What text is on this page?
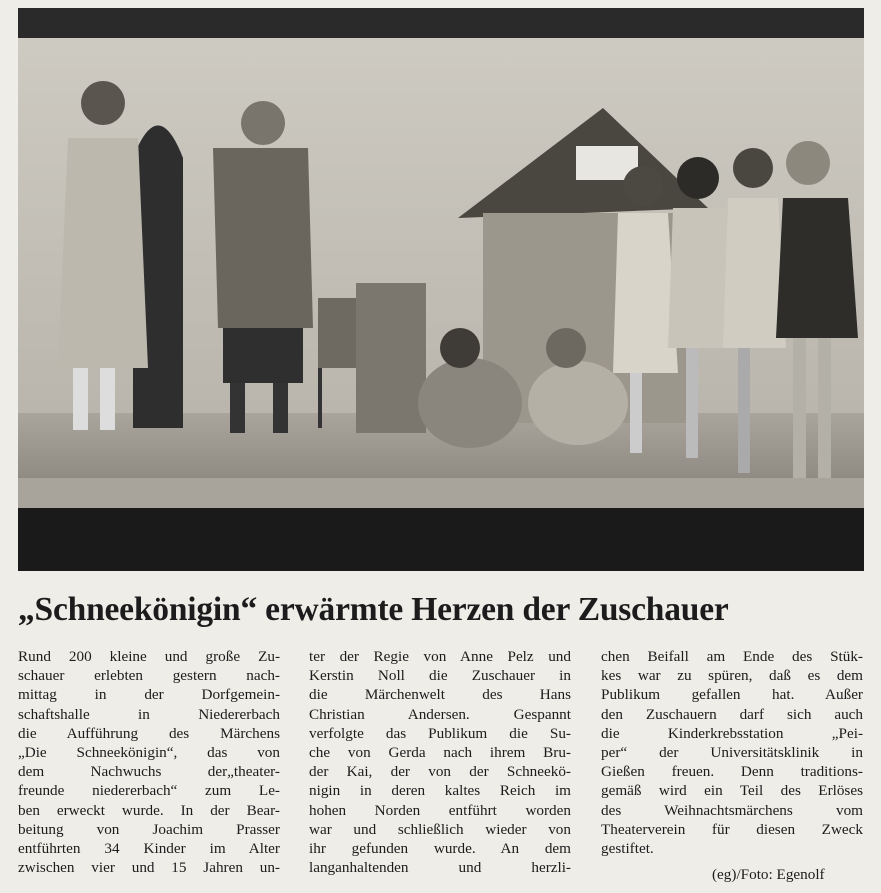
„Schneekönigin“ erwärmte Herzen der Zuschauer
Rund 200 kleine und große Zu-
schauer erlebten gestern nach-
mittag in der Dorfgemein-
schaftshalle in Niedererbach
die Aufführung des Märchens
„Die Schneekönigin“, das von
dem Nachwuchs der„theater-
freunde niedererbach“ zum Le-
ben erweckt wurde. In der Bear-
beitung von Joachim Prasser
entführten 34 Kinder im Alter
zwischen vier und 15 Jahren un-
ter der Regie von Anne Pelz und
Kerstin Noll die Zuschauer in
die Märchenwelt des Hans
Christian Andersen. Gespannt
verfolgte das Publikum die Su-
che von Gerda nach ihrem Bru-
der Kai, der von der Schneekö-
nigin in deren kaltes Reich im
hohen Norden entführt worden
war und schließlich wieder von
ihr gefunden wurde. An dem
langanhaltenden und herzli-
chen Beifall am Ende des Stük-
kes war zu spüren, daß es dem
Publikum gefallen hat. Außer
den Zuschauern darf sich auch
die Kinderkrebsstation „Pei-
per“ der Universitätsklinik in
Gießen freuen. Denn traditions-
gemäß wird ein Teil des Erlöses
des Weihnachtsmärchens vom
Theaterverein für diesen Zweck
gestiftet.
(eg)/Foto: Egenolf
